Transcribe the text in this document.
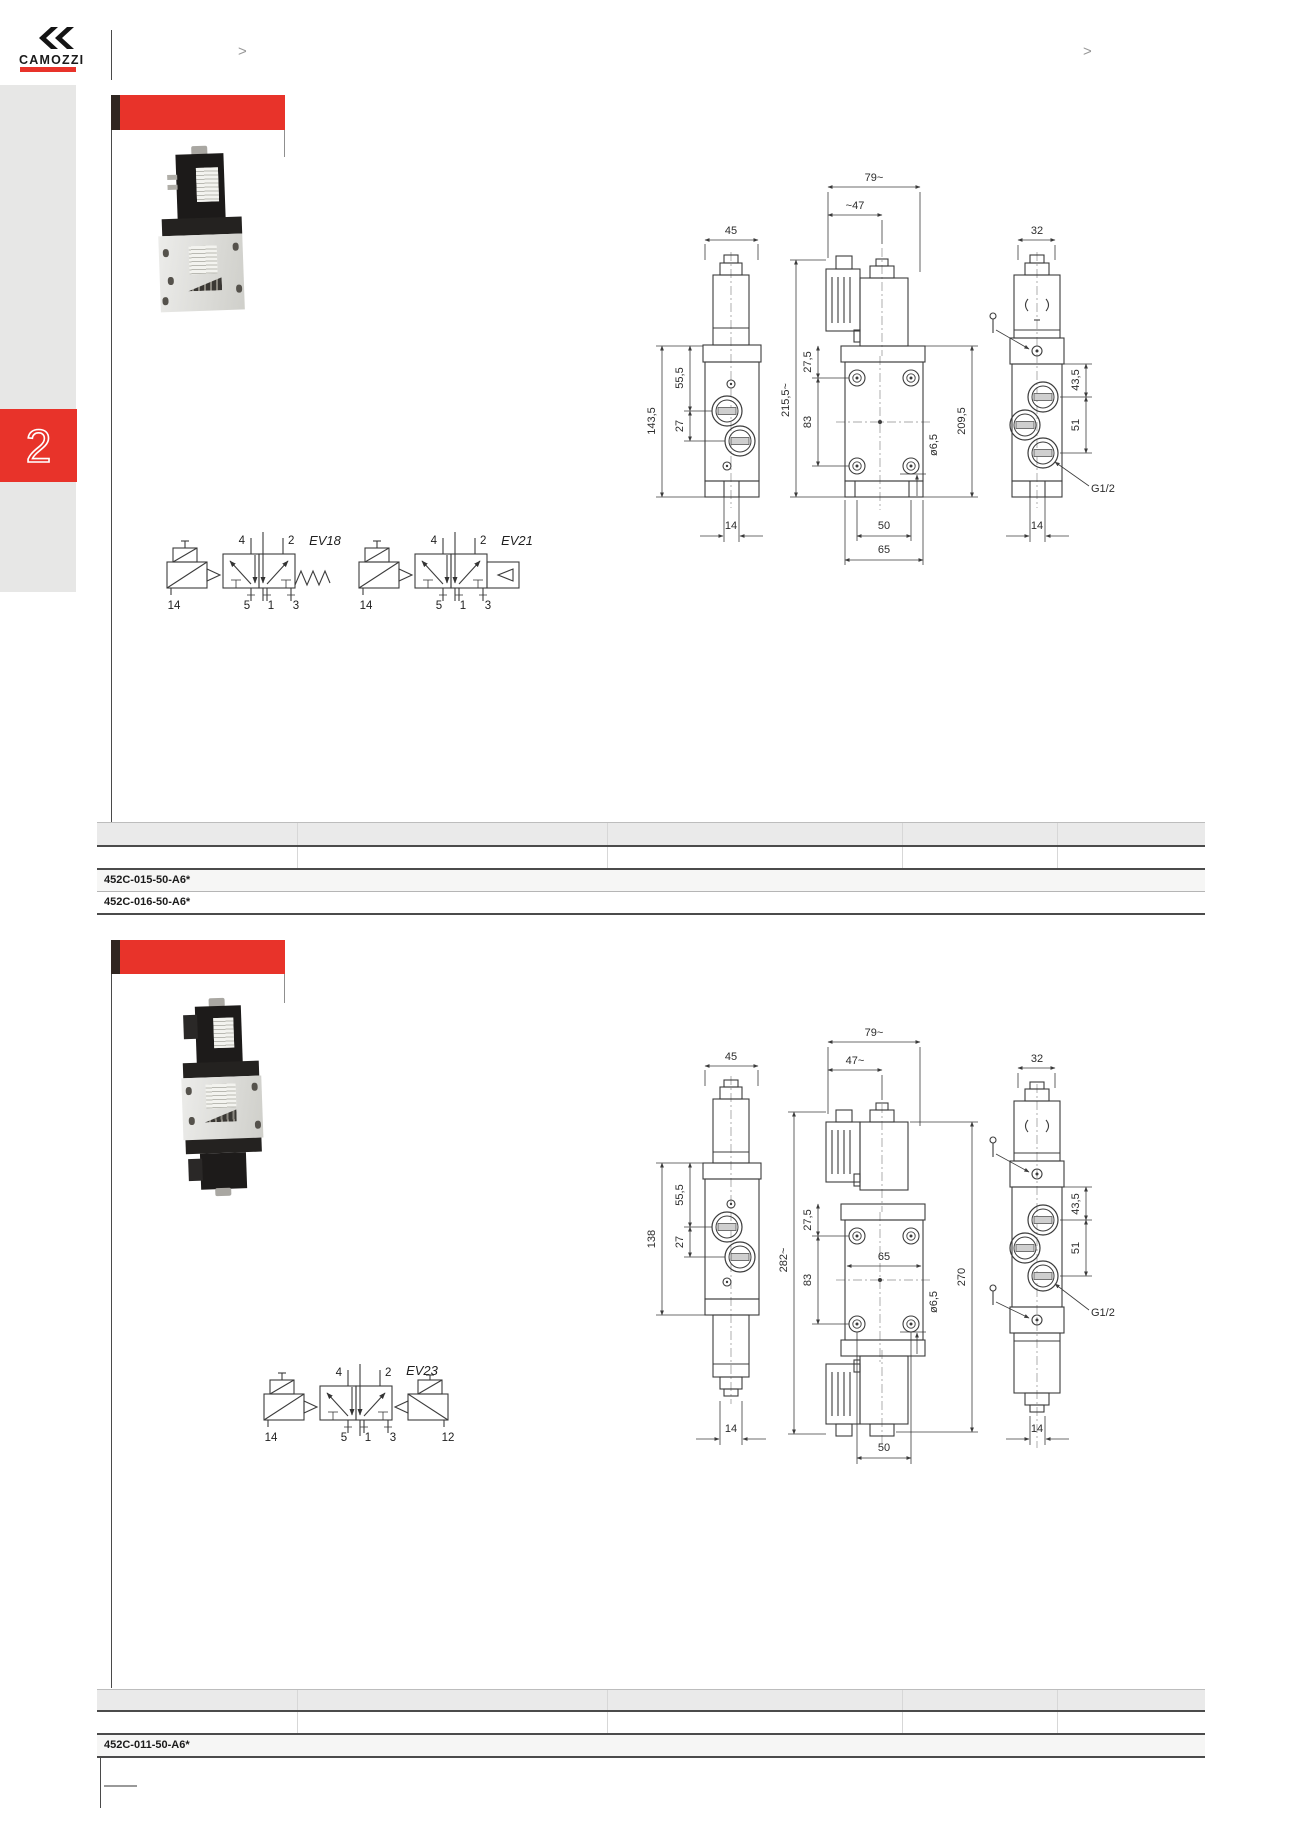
CAMOZZI	>	>
2
EV18
4	2
14	5 1 3
EV21
4	2
14	5 1 3
45
143,5
55,5
27
14
79~
~47
215,5~
27,5
83	209,5
ø6,5
50
65
32
43,5
51
G1/2
14
452C-015-50-A6*
452C-016-50-A6*
EV23
4	2
14	5 1 3	12
45
138
55,5
27
14
79~
47~
282~
27,5
83
65
270
ø6,5
50
32
43,5
51
G1/2
14
452C-011-50-A6*
